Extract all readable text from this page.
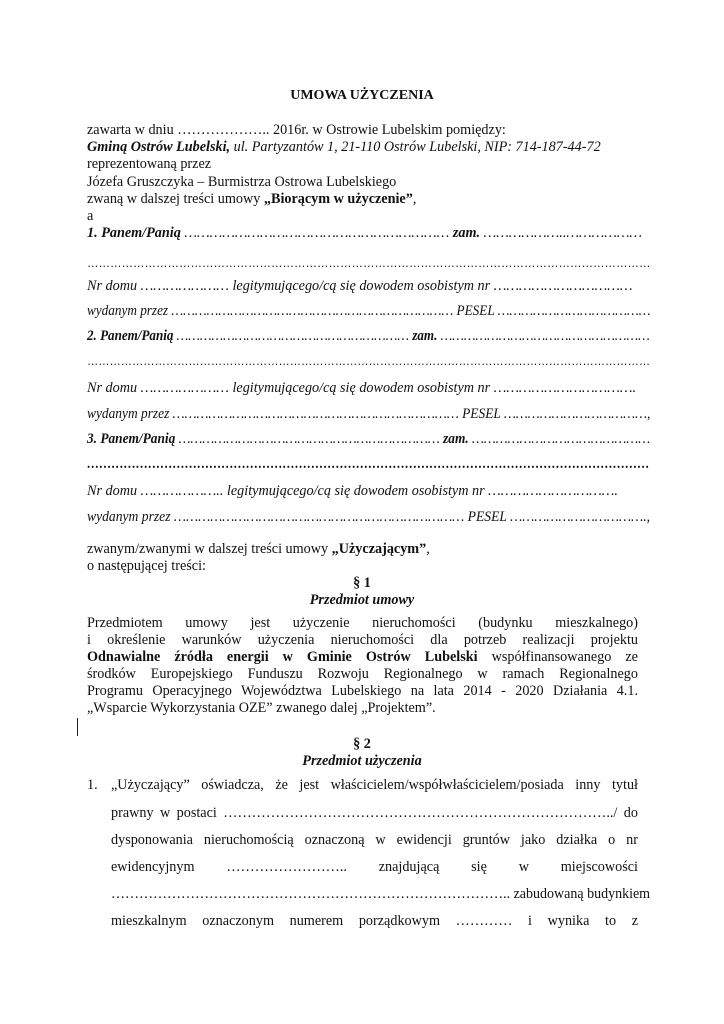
UMOWA UŻYCZENIA
zawarta w dniu ……………….. 2016r. w Ostrowie Lubelskim pomiędzy:
Gminą Ostrów Lubelski, ul. Partyzantów 1, 21-110 Ostrów Lubelski, NIP: 714-187-44-72
reprezentowaną przez
Józefa Gruszczyka – Burmistrza Ostrowa Lubelskiego
zwaną w dalszej treści umowy „Biorącym w użyczenie”,
a
1. Panem/Panią ……………………………………………………… zam. ………………..………………
…………………………………………………………………………………………………………………………………
Nr domu ………………… legitymującego/cą się dowodem osobistym nr ……………………………
wydanym przez ……………………………………………………………… PESEL …………………………………
2. Panem/Panią …………………………………………………… zam. ………………………………………………
……………………………………………………………………………………………………………………………………
Nr domu ………………… legitymującego/cą się dowodem osobistym nr …………………………….
wydanym przez ……………………………………………………………… PESEL ………………………………,
3. Panem/Panią ………………………………………………………… zam. ………………………………………
…………………………………………………………………………………………………………………………
Nr domu ……………….. legitymującego/cą się dowodem osobistym nr ………………………….
wydanym przez ……………………………………………………………… PESEL …………………………….,
zwanym/zwanymi w dalszej treści umowy „Użyczającym”,
o następującej treści:
§ 1
Przedmiot umowy
Przedmiotem umowy jest użyczenie nieruchomości (budynku mieszkalnego)
i określenie warunków użyczenia nieruchomości dla potrzeb realizacji projektu
Odnawialne źródła energii w Gminie Ostrów Lubelski współfinansowanego ze
środków Europejskiego Funduszu Rozwoju Regionalnego w ramach Regionalnego
Programu Operacyjnego Województwa Lubelskiego na lata 2014 - 2020 Działania 4.1.
„Wsparcie Wykorzystania OZE” zwanego dalej „Projektem”.
§ 2
Przedmiot użyczenia
1. „Użyczający” oświadcza, że jest właścicielem/współwłaścicielem/posiada inny tytuł
prawny w postaci ………………………………………………………………………../ do
dysponowania nieruchomością oznaczoną w ewidencji gruntów jako działka o nr
ewidencyjnym …………………….. znajdującą się w miejscowości
………………………………………………………………………….. zabudowaną budynkiem
mieszkalnym oznaczonym numerem porządkowym ………… i wynika to z
